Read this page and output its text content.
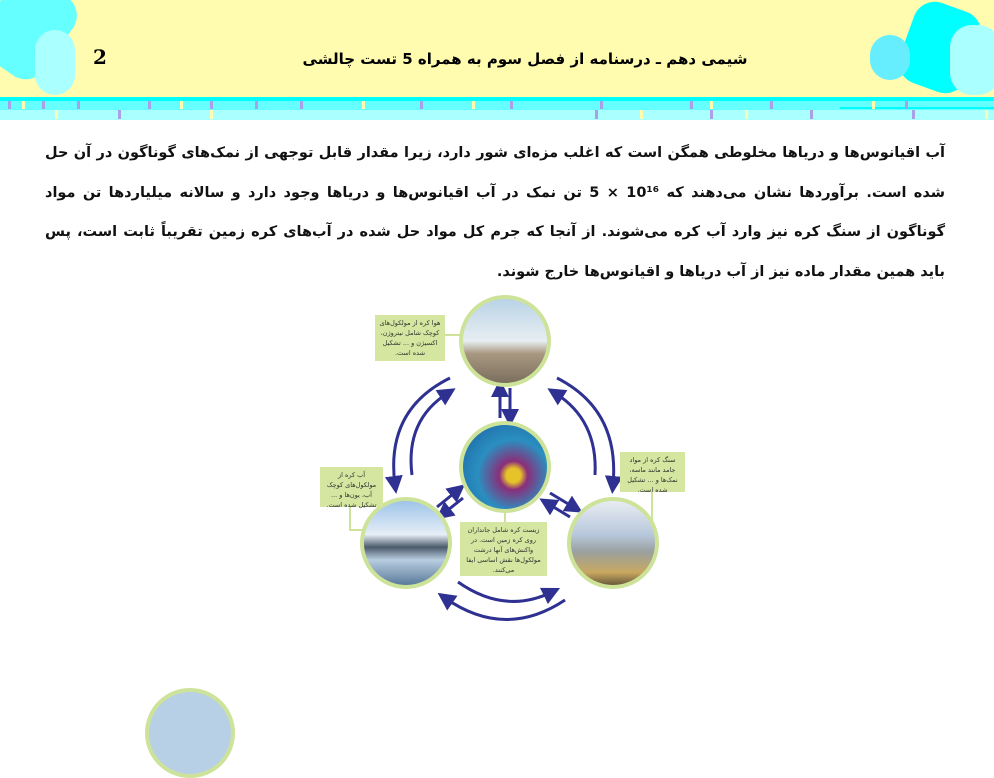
2	شیمی دهم ـ درسنامه از فصل سوم به همراه 5 تست چالشی
آب اقیانوس‌ها و دریاها مخلوطی همگن است که اغلب مزه‌ای شور دارد، زیرا مقدار قابل توجهی از نمک‌های گوناگون در آن حل شده است. برآوردها نشان می‌دهند که 10¹⁶ × 5 تن نمک در آب اقیانوس‌ها و دریاها وجود دارد و سالانه میلیاردها تن مواد گوناگون از سنگ کره نیز وارد آب کره می‌شوند. از آنجا که جرم کل مواد حل شده در آب‌های کره زمین تقریباً ثابت است، پس باید همین مقدار ماده نیز از آب دریاها و اقیانوس‌ها خارج شوند.
هوا کره از مولکول‌های کوچک شامل نیتروژن، اکسیژن و ... تشکیل شده است.
آب کره از مولکول‌های کوچک آب، یون‌ها و ... تشکیل شده است.
سنگ کره از مواد جامد مانند ماسه، نمک‌ها و ... تشکیل شده است.
زیست کره شامل جانداران روی کره زمین است. در واکنش‌های آنها درشت مولکول‌ها نقش اساسی ایفا می‌کنند.
